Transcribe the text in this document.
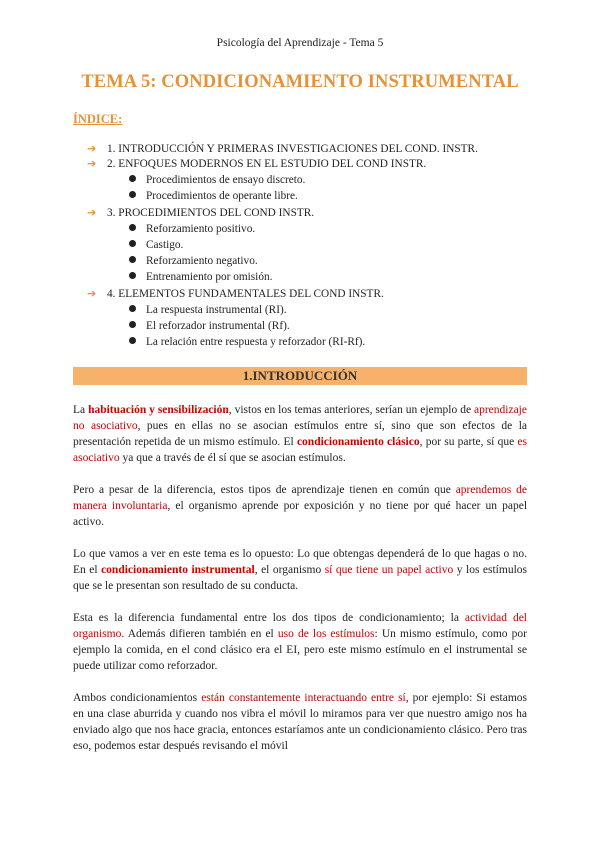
Psicología del Aprendizaje - Tema 5
TEMA 5: CONDICIONAMIENTO INSTRUMENTAL
ÍNDICE:
➔ 1. INTRODUCCIÓN Y PRIMERAS INVESTIGACIONES DEL COND. INSTR.
➔ 2. ENFOQUES MODERNOS EN EL ESTUDIO DEL COND INSTR.
Procedimientos de ensayo discreto.
Procedimientos de operante libre.
➔ 3. PROCEDIMIENTOS DEL COND INSTR.
Reforzamiento positivo.
Castigo.
Reforzamiento negativo.
Entrenamiento por omisión.
➔ 4. ELEMENTOS FUNDAMENTALES DEL COND INSTR.
La respuesta instrumental (RI).
El reforzador instrumental (Rf).
La relación entre respuesta y reforzador (RI-Rf).
1.INTRODUCCIÓN

La habituación y sensibilización, vistos en los temas anteriores, serían un ejemplo de aprendizaje no asociativo, pues en ellas no se asocian estímulos entre sí, sino que son efectos de la presentación repetida de un mismo estímulo. El condicionamiento clásico, por su parte, sí que es asociativo ya que a través de él sí que se asocian estímulos.

Pero a pesar de la diferencia, estos tipos de aprendizaje tienen en común que aprendemos de manera involuntaria, el organismo aprende por exposición y no tiene por qué hacer un papel activo.

Lo que vamos a ver en este tema es lo opuesto: Lo que obtengas dependerá de lo que hagas o no. En el condicionamiento instrumental, el organismo sí que tiene un papel activo y los estímulos que se le presentan son resultado de su conducta.

Esta es la diferencia fundamental entre los dos tipos de condicionamiento; la actividad del organismo. Además difieren también en el uso de los estímulos: Un mismo estímulo, como por ejemplo la comida, en el cond clásico era el EI, pero este mismo estímulo en el instrumental se puede utilizar como reforzador.

Ambos condicionamientos están constantemente interactuando entre sí, por ejemplo: Si estamos en una clase aburrida y cuando nos vibra el móvil lo miramos para ver que nuestro amigo nos ha enviado algo que nos hace gracia, entonces estaríamos ante un condicionamiento clásico. Pero tras eso, podemos estar después revisando el móvil
